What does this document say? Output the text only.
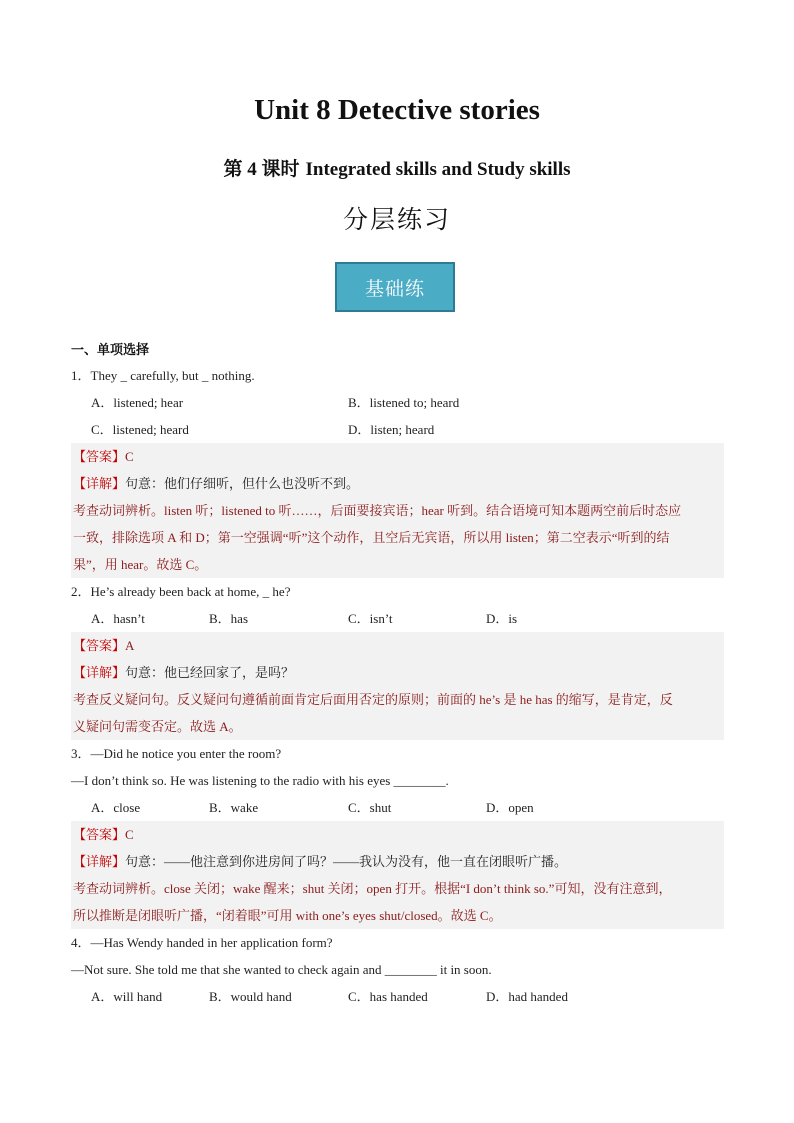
Unit 8 Detective stories
第 4 课时 Integrated skills and Study skills
分层练习
基础练
一、单项选择
1．They _ carefully, but _ nothing.
A．listened; hear	B．listened to; heard
C．listened; heard	D．listen; heard
【答案】C
【详解】句意：他们仔细听，但什么也没听不到。
考查动词辨析。listen 听；listened to 听……，后面要接宾语；hear 听到。结合语境可知本题两空前后时态应
一致，排除选项 A 和 D；第一空强调“听”这个动作，且空后无宾语，所以用 listen；第二空表示“听到的结
果”，用 hear。故选 C。
2．He’s already been back at home, _ he?
A．hasn’t	B．has	C．isn’t	D．is
【答案】A
【详解】句意：他已经回家了，是吗？
考查反义疑问句。反义疑问句遵循前面肯定后面用否定的原则；前面的 he’s 是 he has 的缩写，是肯定，反
义疑问句需变否定。故选 A。
3．—Did he notice you enter the room?
—I don’t think so. He was listening to the radio with his eyes ________.
A．close	B．wake	C．shut	D．open
【答案】C
【详解】句意：——他注意到你进房间了吗？——我认为没有，他一直在闭眼听广播。
考查动词辨析。close 关闭；wake 醒来；shut 关闭；open 打开。根据“I don’t think so.”可知，没有注意到，
所以推断是闭眼听广播，“闭着眼”可用 with one’s eyes shut/closed。故选 C。
4．—Has Wendy handed in her application form?
—Not sure. She told me that she wanted to check again and ________ it in soon.
A．will hand	B．would hand	C．has handed	D．had handed
